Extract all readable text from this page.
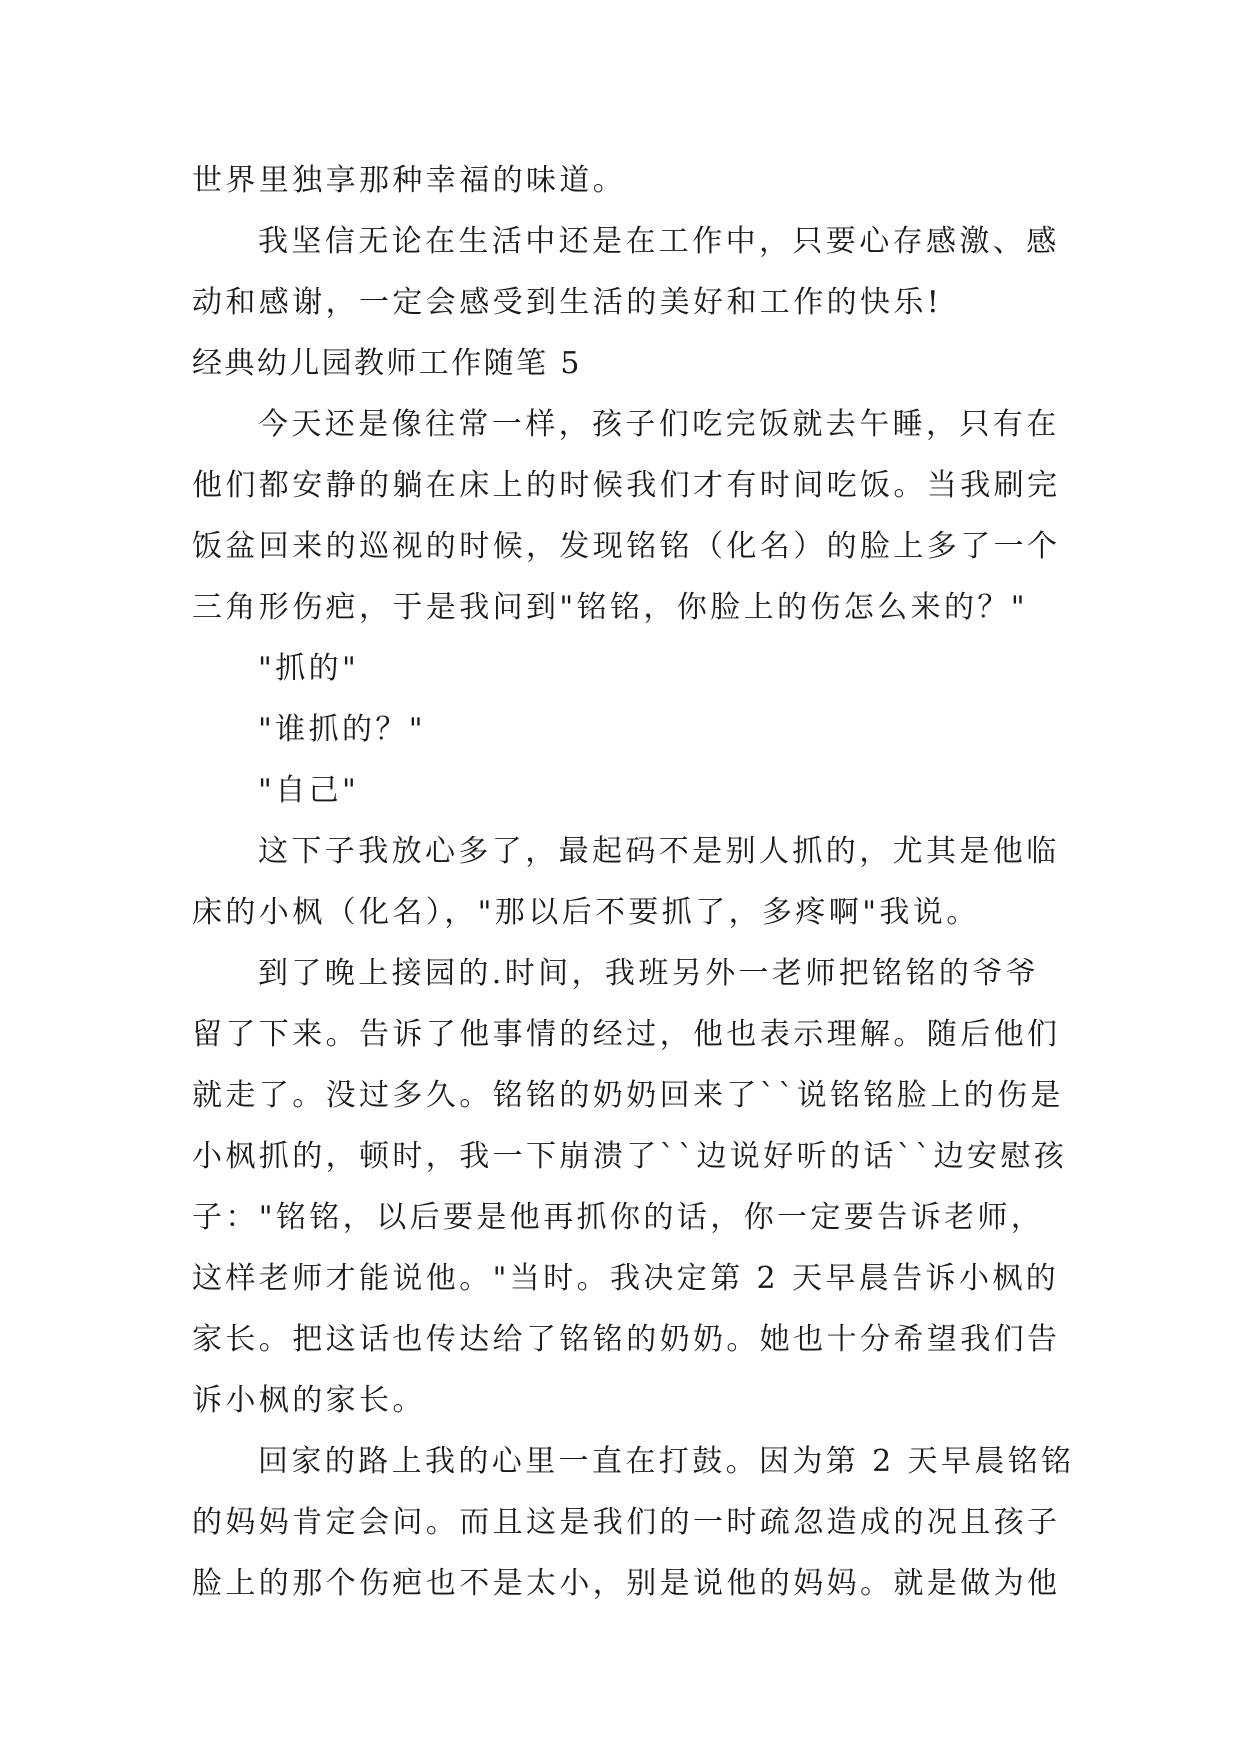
世界里独享那种幸福的味道。
我坚信无论在生活中还是在工作中，只要心存感激、感
动和感谢，一定会感受到生活的美好和工作的快乐!
经典幼儿园教师工作随笔 5
今天还是像往常一样，孩子们吃完饭就去午睡，只有在
他们都安静的躺在床上的时候我们才有时间吃饭。当我刷完
饭盆回来的巡视的时候，发现铭铭（化名）的脸上多了一个
三角形伤疤，于是我问到"铭铭，你脸上的伤怎么来的？"
"抓的"
"谁抓的？"
"自己"
这下子我放心多了，最起码不是别人抓的，尤其是他临
床的小枫（化名），"那以后不要抓了，多疼啊"我说。
到了晚上接园的.时间，我班另外一老师把铭铭的爷爷
留了下来。告诉了他事情的经过，他也表示理解。随后他们
就走了。没过多久。铭铭的奶奶回来了``说铭铭脸上的伤是
小枫抓的，顿时，我一下崩溃了``边说好听的话``边安慰孩
子："铭铭，以后要是他再抓你的话，你一定要告诉老师，
这样老师才能说他。"当时。我决定第 2 天早晨告诉小枫的
家长。把这话也传达给了铭铭的奶奶。她也十分希望我们告
诉小枫的家长。
回家的路上我的心里一直在打鼓。因为第 2 天早晨铭铭
的妈妈肯定会问。而且这是我们的一时疏忽造成的况且孩子
脸上的那个伤疤也不是太小，别是说他的妈妈。就是做为他
